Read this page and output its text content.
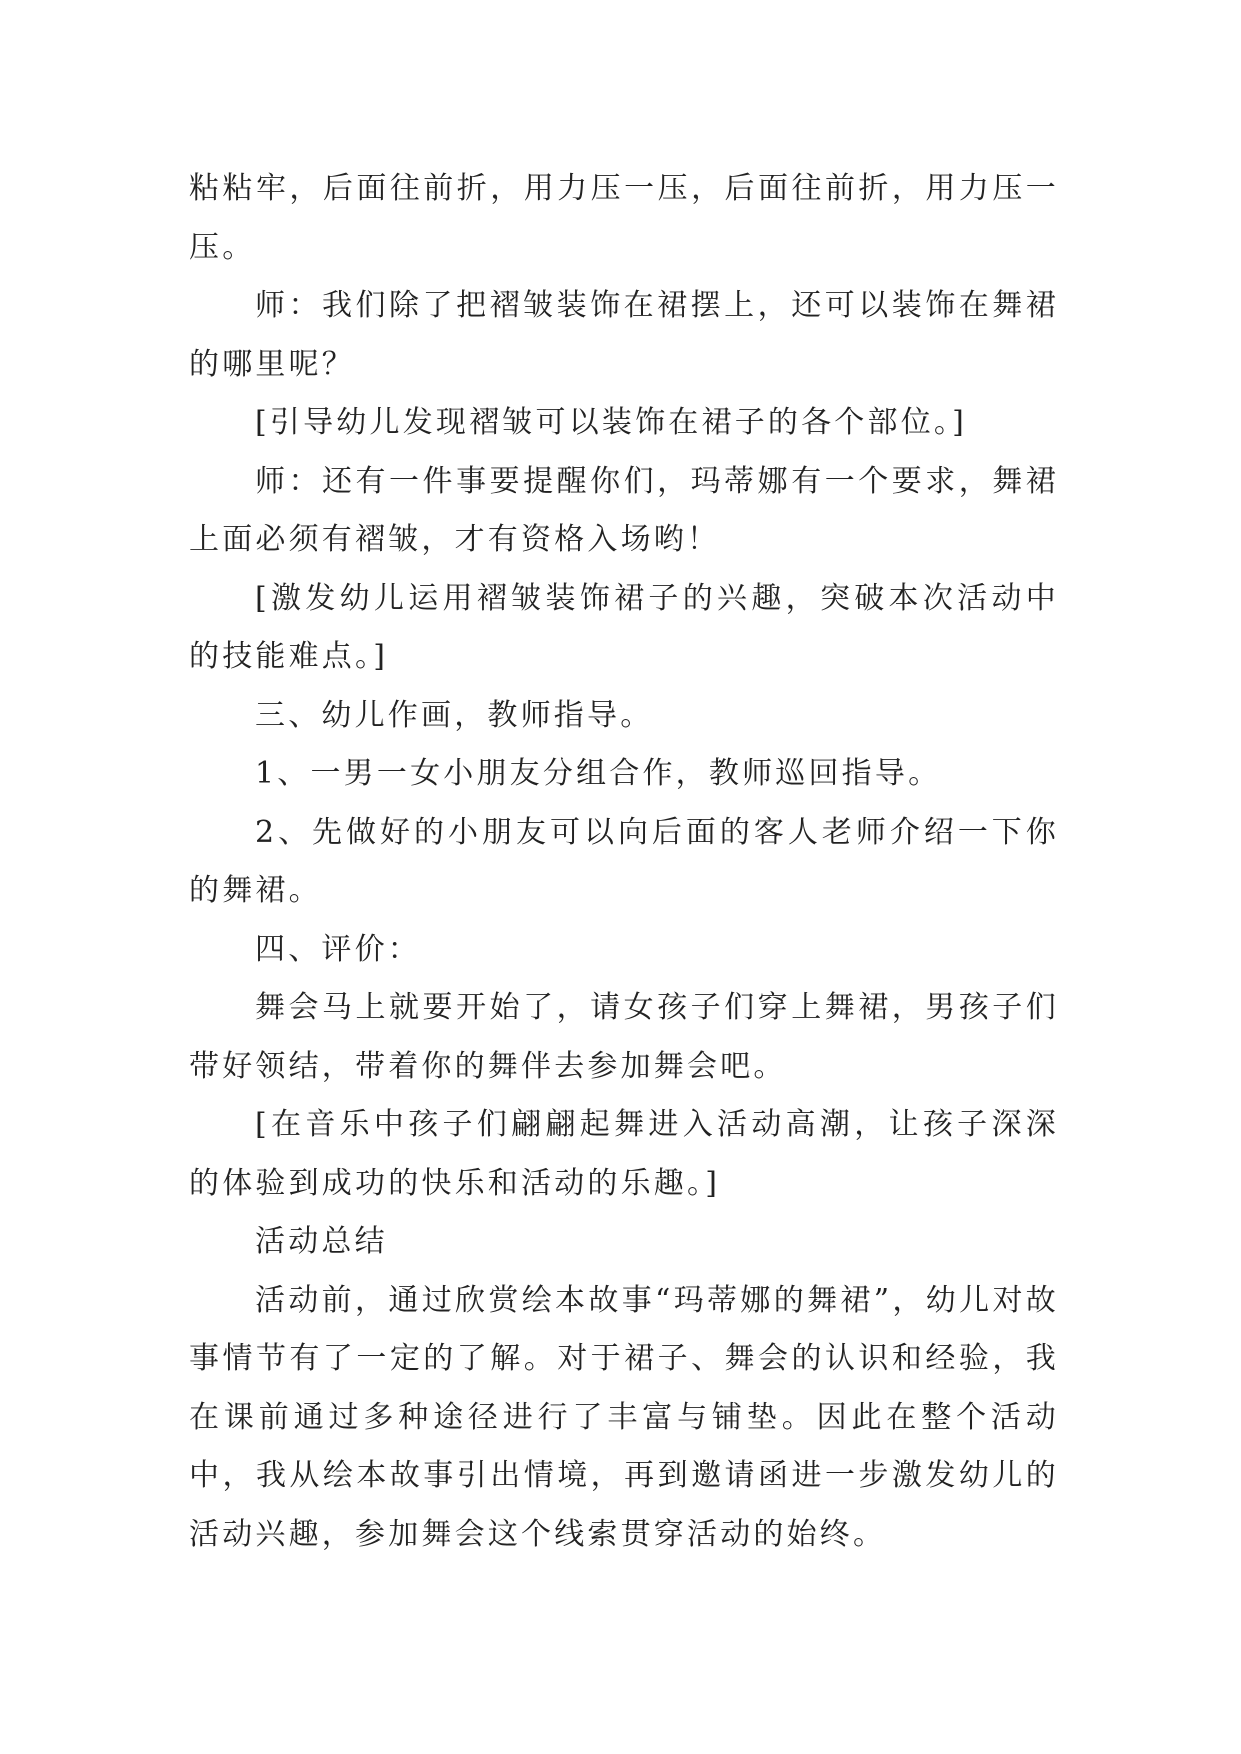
粘粘牢，后面往前折，用力压一压，后面往前折，用力压一压。

师：我们除了把褶皱装饰在裙摆上，还可以装饰在舞裙的哪里呢？

[引导幼儿发现褶皱可以装饰在裙子的各个部位。]

师：还有一件事要提醒你们，玛蒂娜有一个要求，舞裙上面必须有褶皱，才有资格入场哟！

[激发幼儿运用褶皱装饰裙子的兴趣，突破本次活动中的技能难点。]

三、幼儿作画，教师指导。

1、一男一女小朋友分组合作，教师巡回指导。

2、先做好的小朋友可以向后面的客人老师介绍一下你的舞裙。

四、评价：

舞会马上就要开始了，请女孩子们穿上舞裙，男孩子们带好领结，带着你的舞伴去参加舞会吧。

[在音乐中孩子们翩翩起舞进入活动高潮，让孩子深深的体验到成功的快乐和活动的乐趣。]

活动总结

活动前，通过欣赏绘本故事“玛蒂娜的舞裙”，幼儿对故事情节有了一定的了解。对于裙子、舞会的认识和经验，我在课前通过多种途径进行了丰富与铺垫。因此在整个活动中，我从绘本故事引出情境，再到邀请函进一步激发幼儿的活动兴趣，参加舞会这个线索贯穿活动的始终。
